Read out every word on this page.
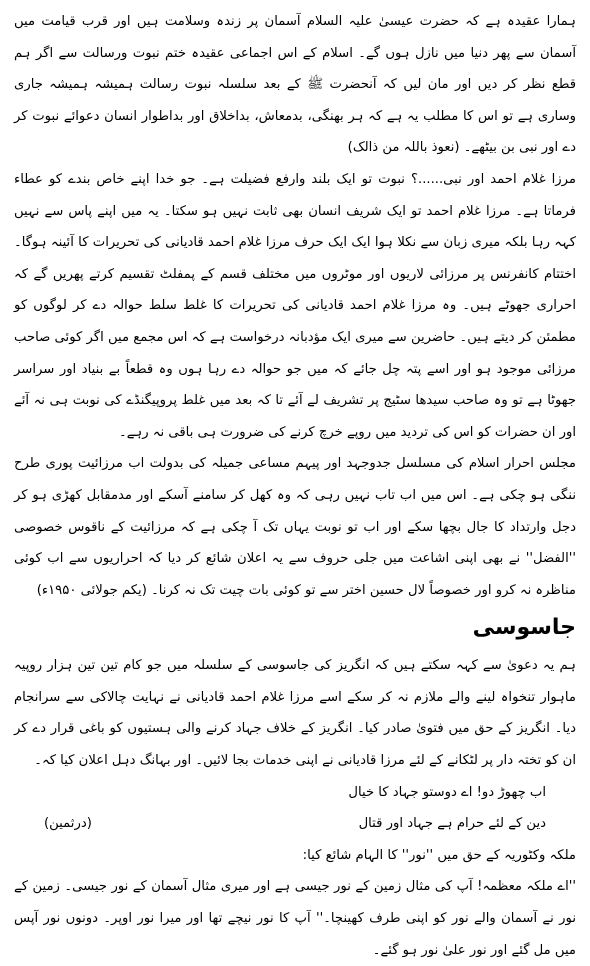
ہمارا عقیدہ ہے کہ حضرت عیسیٰ علیہ السلام آسمان پر زندہ وسلامت ہیں اور قرب قیامت میں آسمان سے پھر دنیا میں نازل ہوں گے۔ اسلام کے اس اجماعی عقیدہ ختم نبوت ورسالت سے اگر ہم قطع نظر کر دیں اور مان لیں کہ آنحضرت ﷺ کے بعد سلسلہ نبوت رسالت ہمیشہ ہمیشہ جاری وساری ہے تو اس کا مطلب یہ ہے کہ ہر بھنگی، بدمعاش، بداخلاق اور بداطوار انسان دعوائے نبوت کر دے اور نبی بن بیٹھے۔ (نعوذ باللہ من ذالک)

مرزا غلام احمد اور نبی......؟ نبوت تو ایک بلند وارفع فضیلت ہے۔ جو خدا اپنے خاص بندے کو عطاء فرماتا ہے۔ مرزا غلام احمد تو ایک شریف انسان بھی ثابت نہیں ہو سکتا۔ یہ میں اپنے پاس سے نہیں کہہ رہا بلکہ میری زبان سے نکلا ہوا ایک ایک حرف مرزا غلام احمد قادیانی کی تحریرات کا آئینہ ہوگا۔ اختتام کانفرنس پر مرزائی لاریوں اور موٹروں میں مختلف قسم کے پمفلٹ تقسیم کرتے پھریں گے کہ احراری جھوٹے ہیں۔ وہ مرزا غلام احمد قادیانی کی تحریرات کا غلط سلط حوالہ دے کر لوگوں کو مطمئن کر دیتے ہیں۔ حاضرین سے میری ایک مؤدبانہ درخواست ہے کہ اس مجمع میں اگر کوئی صاحب مرزائی موجود ہو اور اسے پتہ چل جائے کہ میں جو حوالہ دے رہا ہوں وہ قطعاً بے بنیاد اور سراسر جھوٹا ہے تو وہ صاحب سیدھا سٹیج پر تشریف لے آئے تا کہ بعد میں غلط پروپیگنڈے کی نوبت ہی نہ آئے اور ان حضرات کو اس کی تردید میں روپے خرچ کرنے کی ضرورت ہی باقی نہ رہے۔

مجلس احرار اسلام کی مسلسل جدوجہد اور پیہم مساعی جمیلہ کی بدولت اب مرزائیت پوری طرح ننگی ہو چکی ہے۔ اس میں اب تاب نہیں رہی کہ وہ کھل کر سامنے آسکے اور مدمقابل کھڑی ہو کر دجل وارتداد کا جال بچھا سکے اور اب تو نوبت یہاں تک آ چکی ہے کہ مرزائیت کے ناقوس خصوصی ''الفضل'' نے بھی اپنی اشاعت میں جلی حروف سے یہ اعلان شائع کر دیا کہ احراریوں سے اب کوئی مناظرہ نہ کرو اور خصوصاً لال حسین اختر سے تو کوئی بات چیت تک نہ کرنا۔ (یکم جولائی ۱۹۵۰ء)

جاسوسی

ہم یہ دعویٰ سے کہہ سکتے ہیں کہ انگریز کی جاسوسی کے سلسلہ میں جو کام تین تین ہزار روپیہ ماہوار تنخواہ لینے والے ملازم نہ کر سکے اسے مرزا غلام احمد قادیانی نے نہایت چالاکی سے سرانجام دیا۔ انگریز کے حق میں فتویٰ صادر کیا۔ انگریز کے خلاف جہاد کرنے والی ہستیوں کو باغی قرار دے کر ان کو تختہ دار پر لٹکانے کے لئے مرزا قادیانی نے اپنی خدمات بجا لائیں۔ اور بہانگ دہل اعلان کیا کہ۔

اب چھوڑ دو! اے دوستو جہاد کا خیال
دین کے لئے حرام ہے جہاد اور قتال
(درثمین)

ملکہ وکٹوریہ کے حق میں ''نور'' کا الہام شائع کیا:

''اے ملکہ معظمہ! آپ کی مثال زمین کے نور جیسی ہے اور میری مثال آسمان کے نور جیسی۔ زمین کے نور نے آسمان والے نور کو اپنی طرف کھینچا۔'' آپ کا نور نیچے تھا اور میرا نور اوپر۔ دونوں نور آپس میں مل گئے اور نور علیٰ نور ہو گئے۔
